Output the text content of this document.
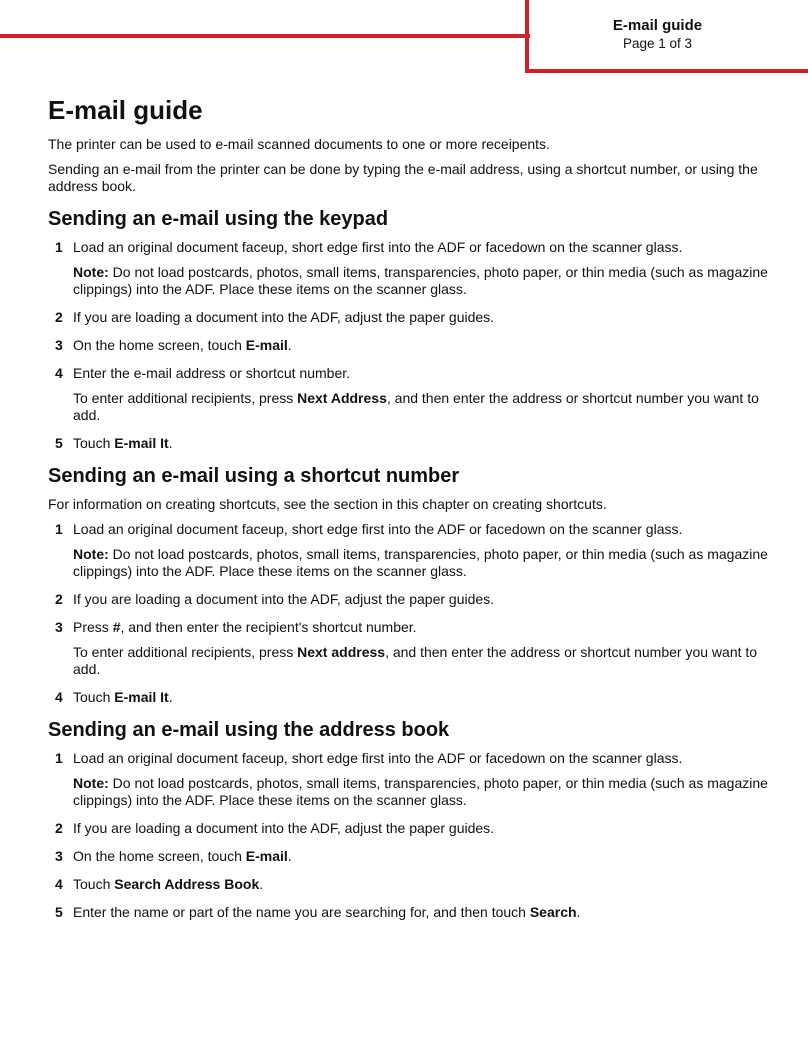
E-mail guide
Page 1 of 3
E-mail guide

The printer can be used to e-mail scanned documents to one or more receipents.

Sending an e-mail from the printer can be done by typing the e-mail address, using a shortcut number, or using the address book.

Sending an e-mail using the keypad
1 Load an original document faceup, short edge first into the ADF or facedown on the scanner glass.

Note: Do not load postcards, photos, small items, transparencies, photo paper, or thin media (such as magazine clippings) into the ADF. Place these items on the scanner glass.

2 If you are loading a document into the ADF, adjust the paper guides.

3 On the home screen, touch E-mail.

4 Enter the e-mail address or shortcut number.

To enter additional recipients, press Next Address, and then enter the address or shortcut number you want to add.

5 Touch E-mail It.

Sending an e-mail using a shortcut number

For information on creating shortcuts, see the section in this chapter on creating shortcuts.

1 Load an original document faceup, short edge first into the ADF or facedown on the scanner glass.

Note: Do not load postcards, photos, small items, transparencies, photo paper, or thin media (such as magazine clippings) into the ADF. Place these items on the scanner glass.

2 If you are loading a document into the ADF, adjust the paper guides.

3 Press #, and then enter the recipient's shortcut number.

To enter additional recipients, press Next address, and then enter the address or shortcut number you want to add.

4 Touch E-mail It.

Sending an e-mail using the address book
1 Load an original document faceup, short edge first into the ADF or facedown on the scanner glass.

Note: Do not load postcards, photos, small items, transparencies, photo paper, or thin media (such as magazine clippings) into the ADF. Place these items on the scanner glass.

2 If you are loading a document into the ADF, adjust the paper guides.

3 On the home screen, touch E-mail.

4 Touch Search Address Book.

5 Enter the name or part of the name you are searching for, and then touch Search.
